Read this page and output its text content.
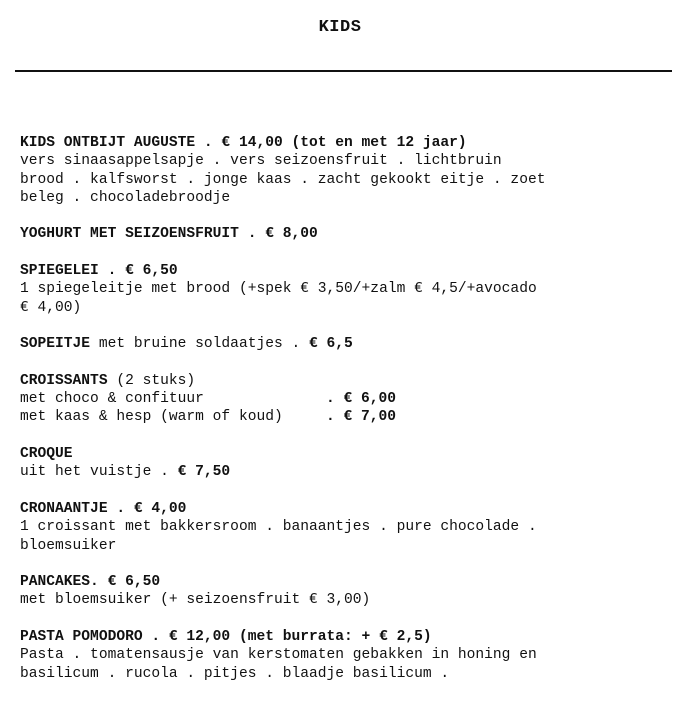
KIDS
KIDS ONTBIJT AUGUSTE . € 14,00 (tot en met 12 jaar)
vers sinaasappelsapje . vers seizoensfruit . lichtbruin
brood . kalfsworst . jonge kaas . zacht gekookt eitje . zoet
beleg . chocoladebroodje
YOGHURT MET SEIZOENSFRUIT . € 8,00
SPIEGELEI . € 6,50
1 spiegeleitje met brood (+spek € 3,50/+zalm € 4,5/+avocado
€ 4,00)
SOPEITJE met bruine soldaatjes . € 6,5
CROISSANTS (2 stuks)
met choco & confituur	. € 6,00
met kaas & hesp (warm of koud)	. € 7,00
CROQUE
uit het vuistje . € 7,50
CRONAANTJE . € 4,00
1 croissant met bakkersroom . banaantjes . pure chocolade .
bloemsuiker
PANCAKES. € 6,50
met bloemsuiker (+ seizoensfruit € 3,00)
PASTA POMODORO . € 12,00 (met burrata: + € 2,5)
Pasta . tomatensausje van kerstomaten gebakken in honing en
basilicum . rucola . pitjes . blaadje basilicum .
